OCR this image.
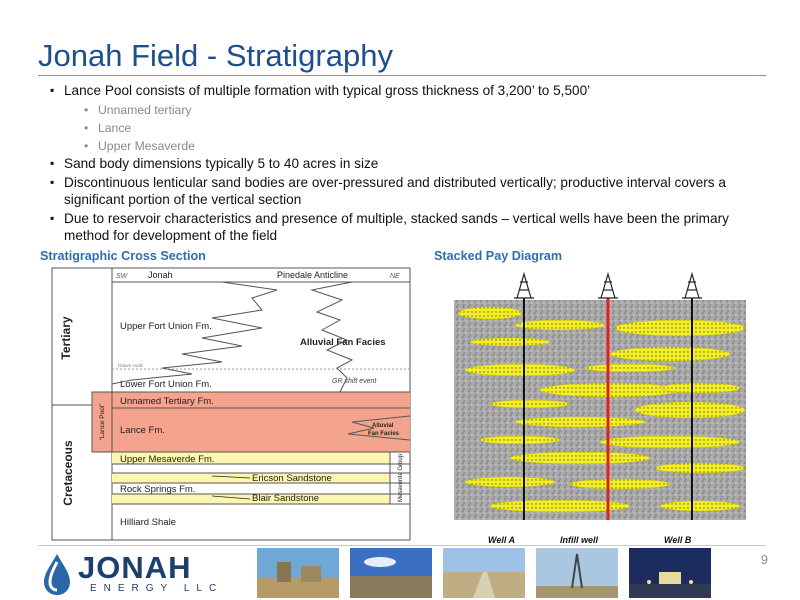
Jonah Field - Stratigraphy
▪ Lance Pool consists of multiple formation with typical gross thickness of 3,200’ to 5,500’
• Unnamed tertiary
• Lance
• Upper Mesaverde
▪ Sand body dimensions typically 5 to 40 acres in size
▪ Discontinuous lenticular sand bodies are over-pressured and distributed vertically; productive interval covers a significant portion of the vertical section
▪ Due to reservoir characteristics and presence of multiple, stacked sands – vertical wells have been the primary method for development of the field
Stratigraphic Cross Section	Stacked Pay Diagram
SW Jonah	Pinedale Anticline	NE
Upper Fort Union Fm.
Alluvial Fan Facies
Datum coals
GR shift event
Lower Fort Union Fm.
Unnamed Tertiary Fm.
Lance Fm.	Alluvial
Fan Facies
Upper Mesaverde Fm.
Ericson Sandstone
Rock Springs Fm.
Blair Sandstone
Hilliard Shale
Tertiary
Cretaceous
“Lance Pool”
Mesaverde Group
Well A	Infill well	Well B
9
JONAH
ENERGY LLC
